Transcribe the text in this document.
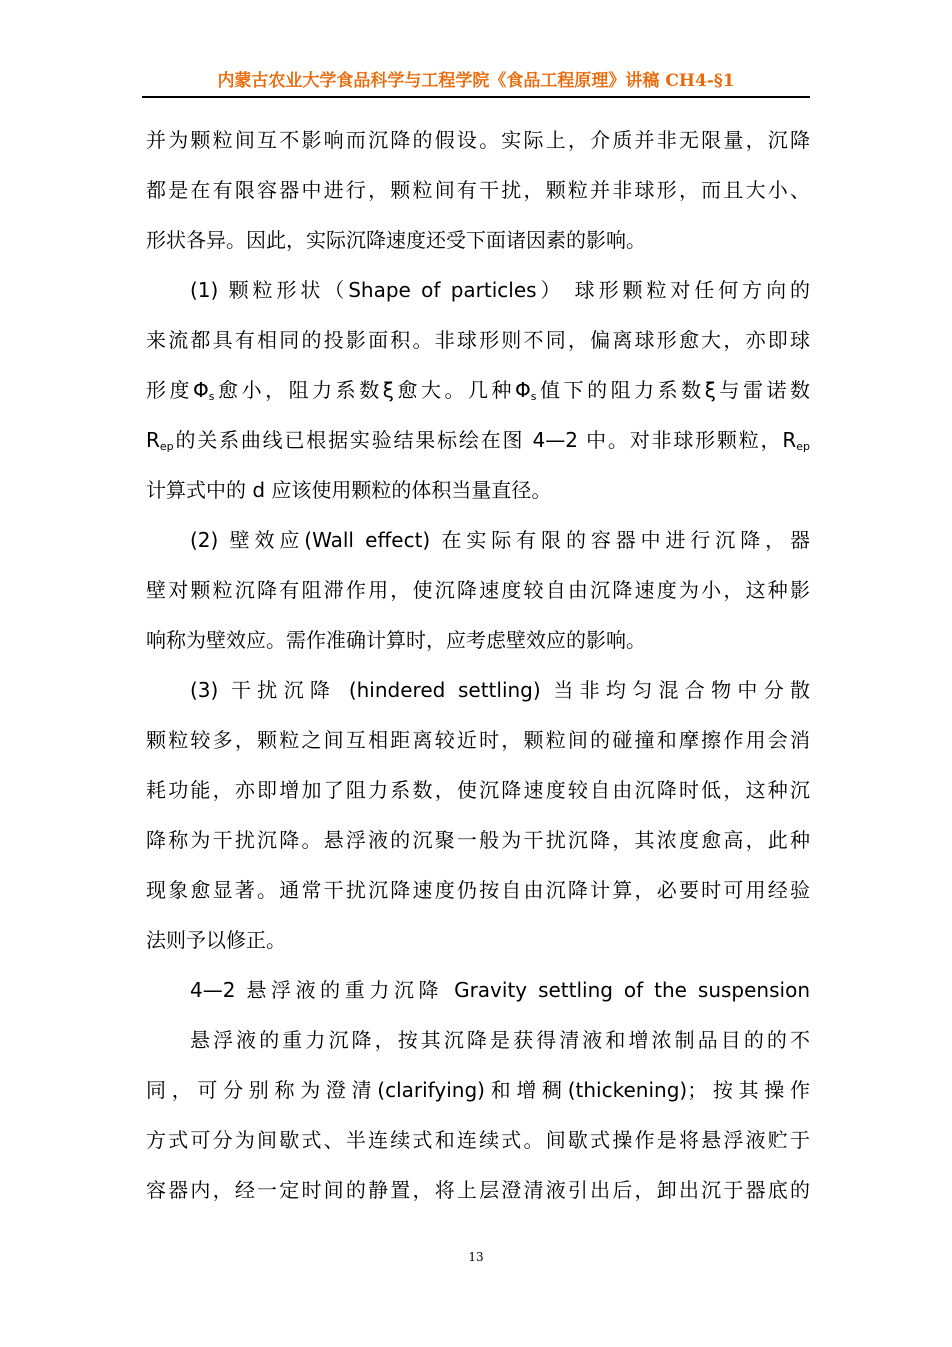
内蒙古农业大学食品科学与工程学院《食品工程原理》讲稿 CH4-§1
并为颗粒间互不影响而沉降的假设。实际上，介质并非无限量，沉降
都是在有限容器中进行，颗粒间有干扰，颗粒并非球形，而且大小、
形状各异。因此，实际沉降速度还受下面诸因素的影响。
(1) 颗粒形状（Shape of particles） 球形颗粒对任何方向的
来流都具有相同的投影面积。非球形则不同，偏离球形愈大，亦即球
形度$\Phi_s$愈小，阻力系数ξ愈大。几种$\Phi_s$值下的阻力系数ξ与雷诺数
$R_{ep}$的关系曲线已根据实验结果标绘在图 4—2 中。对非球形颗粒，$R_{ep}$
计算式中的 d 应该使用颗粒的体积当量直径。
(2) 壁效应(Wall effect) 在实际有限的容器中进行沉降，器
壁对颗粒沉降有阻滞作用，使沉降速度较自由沉降速度为小，这种影
响称为壁效应。需作准确计算时，应考虑壁效应的影响。
(3) 干扰沉降 (hindered settling) 当非均匀混合物中分散
颗粒较多，颗粒之间互相距离较近时，颗粒间的碰撞和摩擦作用会消
耗功能，亦即增加了阻力系数，使沉降速度较自由沉降时低，这种沉
降称为干扰沉降。悬浮液的沉聚一般为干扰沉降，其浓度愈高，此种
现象愈显著。通常干扰沉降速度仍按自由沉降计算，必要时可用经验
法则予以修正。
4—2 悬浮液的重力沉降 Gravity settling of the suspension
悬浮液的重力沉降，按其沉降是获得清液和增浓制品目的的不
同，可分别称为澄清(clarifying)和增稠(thickening)；按其操作
方式可分为间歇式、半连续式和连续式。间歇式操作是将悬浮液贮于
容器内，经一定时间的静置，将上层澄清液引出后，卸出沉于器底的
13
